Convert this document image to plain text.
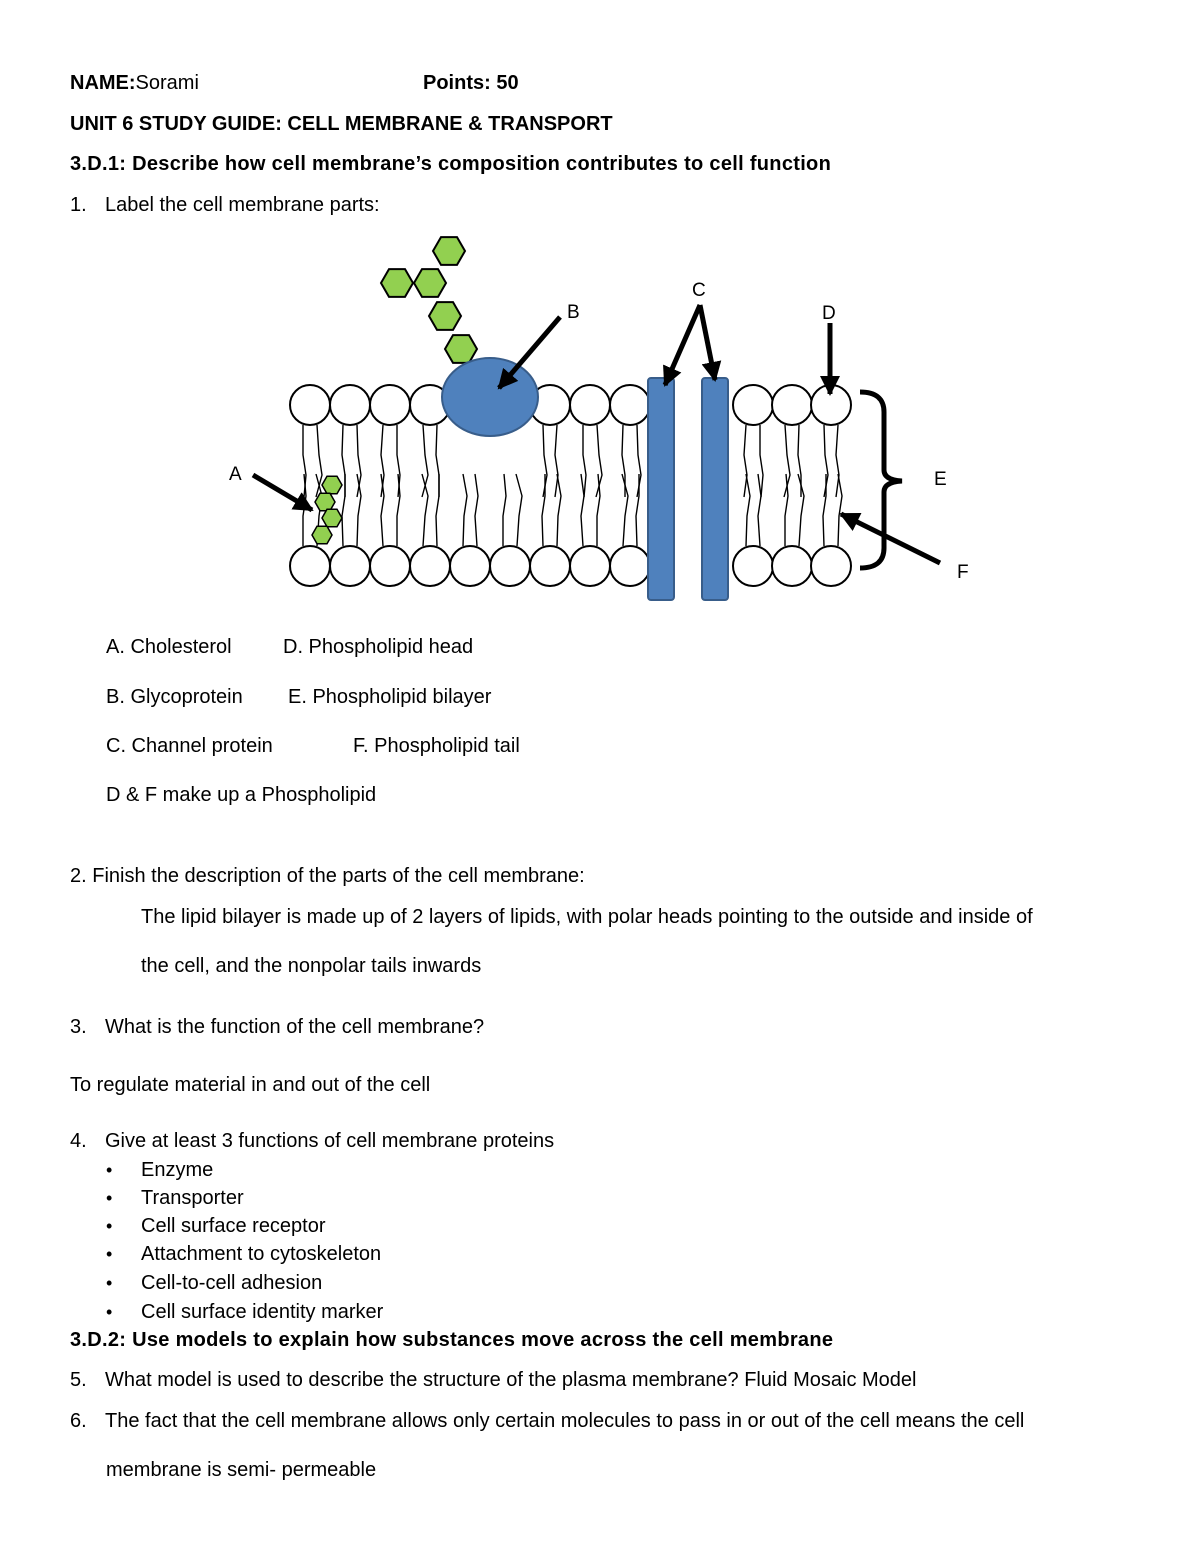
NAME:Sorami	Points: 50
UNIT 6 STUDY GUIDE: CELL MEMBRANE & TRANSPORT
3.D.1: Describe how cell membrane’s composition contributes to cell function
1. Label the cell membrane parts:
A
B
C
D
E
F
A. Cholesterol	D. Phospholipid head
B. Glycoprotein E. Phospholipid bilayer
C. Channel protein	F. Phospholipid tail
D & F make up a Phospholipid
2. Finish the description of the parts of the cell membrane:
The lipid bilayer is made up of 2 layers of lipids, with polar heads pointing to the outside and inside of
the cell, and the nonpolar tails inwards
3. What is the function of the cell membrane?
To regulate material in and out of the cell
4. Give at least 3 functions of cell membrane proteins
• Enzyme
• Transporter
• Cell surface receptor
• Attachment to cytoskeleton
• Cell-to-cell adhesion
• Cell surface identity marker
3.D.2: Use models to explain how substances move across the cell membrane
5. What model is used to describe the structure of the plasma membrane? Fluid Mosaic Model
6. The fact that the cell membrane allows only certain molecules to pass in or out of the cell means the cell
membrane is semi- permeable
